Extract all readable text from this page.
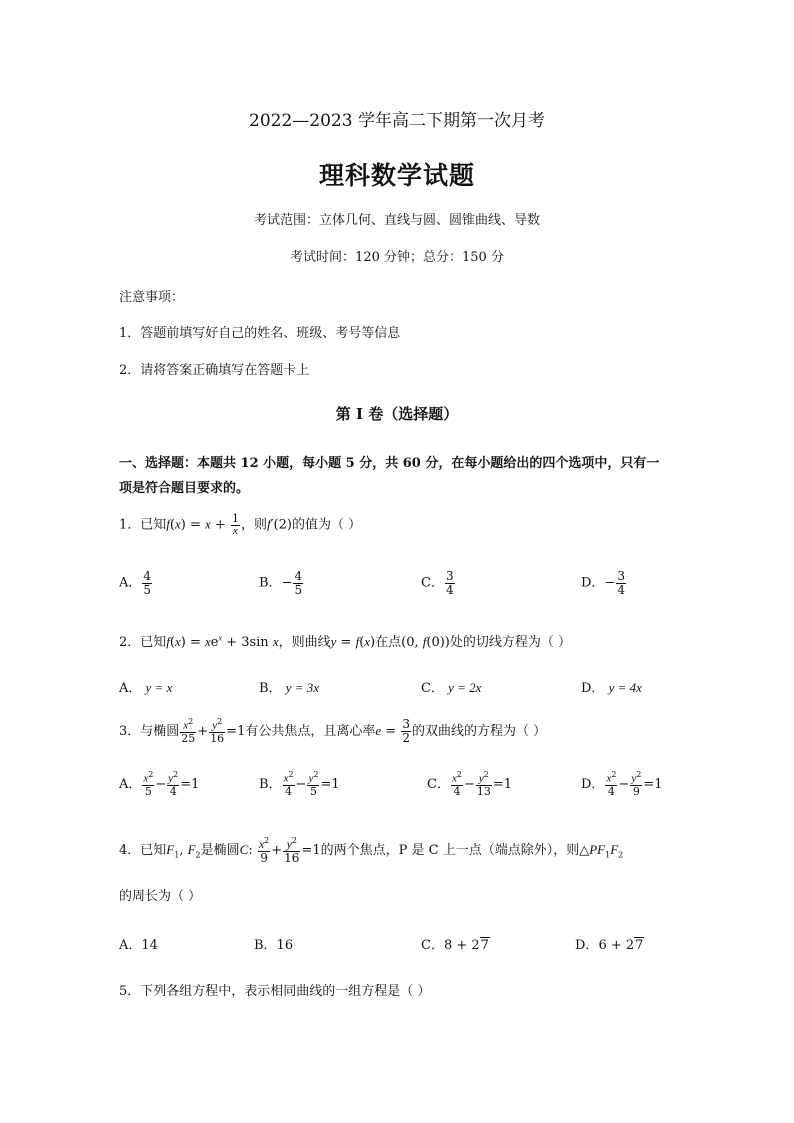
2022—2023 学年高二下期第一次月考
理科数学试题
考试范围：立体几何、直线与圆、圆锥曲线、导数
考试时间：120 分钟；总分：150 分
注意事项：
1．答题前填写好自己的姓名、班级、考号等信息
2．请将答案正确填写在答题卡上
第 I 卷（选择题）
一、选择题：本题共 12 小题，每小题 5 分，共 60 分，在每小题给出的四个选项中，只有一
项是符合题目要求的。
1．已知$f(x) = x + \frac{1}{x}$ ，则f′(2)的值为（ ）
A． $\frac{4}{5}$	B．− $\frac{4}{5}$	C． $\frac{3}{4}$	D．− $\frac{3}{4}$
2．已知$f(x) = xe^x + 3\sin$ x，则曲线y = f(x)在点(0, f(0))处的切线方程为（ ）
A． y = x	B． y = 3x	C． y = 2x	D． y = 4x
3．与椭圆 $\frac{x^2}{25} + \frac{y^2}{16} =1$有公共焦点，且离心率$e = \frac{3}{2}$ 的双曲线的方程为（ ）
A． $\frac{x^2}{5} - \frac{y^2}{4} =1$	B． $\frac{x^2}{4} - \frac{y^2}{5} =1$	C． $\frac{x^2}{4} - \frac{y^2}{13} =1$	D． $\frac{x^2}{4} - \frac{y^2}{9} =1$
4．已知$F_1$, $F_2$是椭圆C: $\frac{x^2}{9} + \frac{y^2}{16} =1$的两个焦点，P 是 C 上一点（端点除外），则$\triangle PF_1F_2$
的周长为（ ）
A．14	B．16	C．8 + 27	D．6 + 27
5．下列各组方程中，表示相同曲线的一组方程是（ ）
